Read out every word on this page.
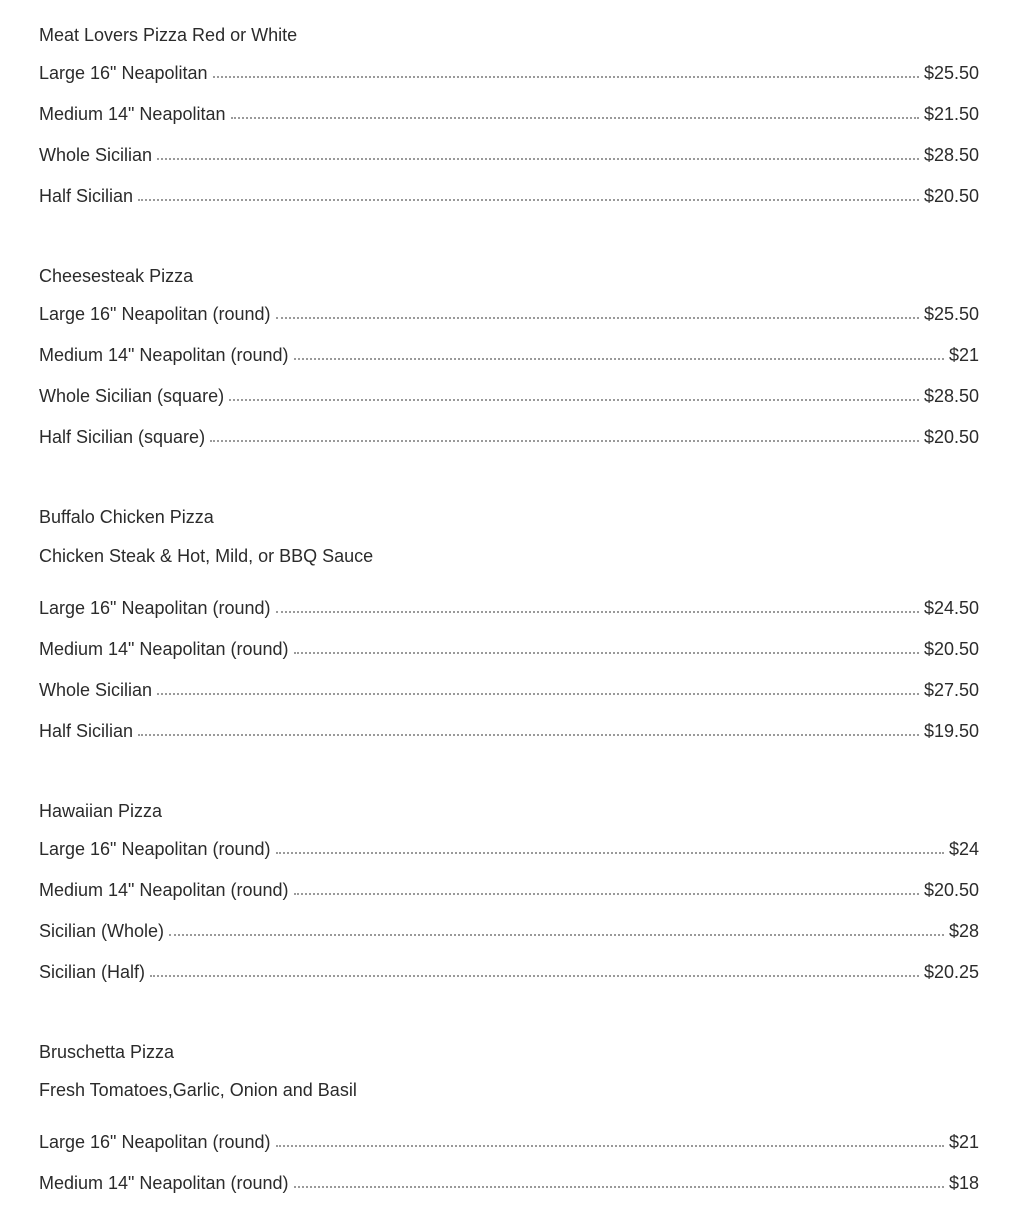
Meat Lovers Pizza Red or White
Large 16" Neapolitan	$25.50
Medium 14" Neapolitan	$21.50
Whole Sicilian	$28.50
Half Sicilian	$20.50
Cheesesteak Pizza
Large 16" Neapolitan (round)	$25.50
Medium 14" Neapolitan (round)	$21
Whole Sicilian (square)	$28.50
Half Sicilian (square)	$20.50
Buffalo Chicken Pizza
Chicken Steak & Hot, Mild, or BBQ Sauce
Large 16" Neapolitan (round)	$24.50
Medium 14" Neapolitan (round)	$20.50
Whole Sicilian	$27.50
Half Sicilian	$19.50
Hawaiian Pizza
Large 16" Neapolitan (round)	$24
Medium 14" Neapolitan (round)	$20.50
Sicilian (Whole)	$28
Sicilian (Half)	$20.25
Bruschetta Pizza
Fresh Tomatoes,Garlic, Onion and Basil
Large 16" Neapolitan (round)	$21
Medium 14" Neapolitan (round)	$18
